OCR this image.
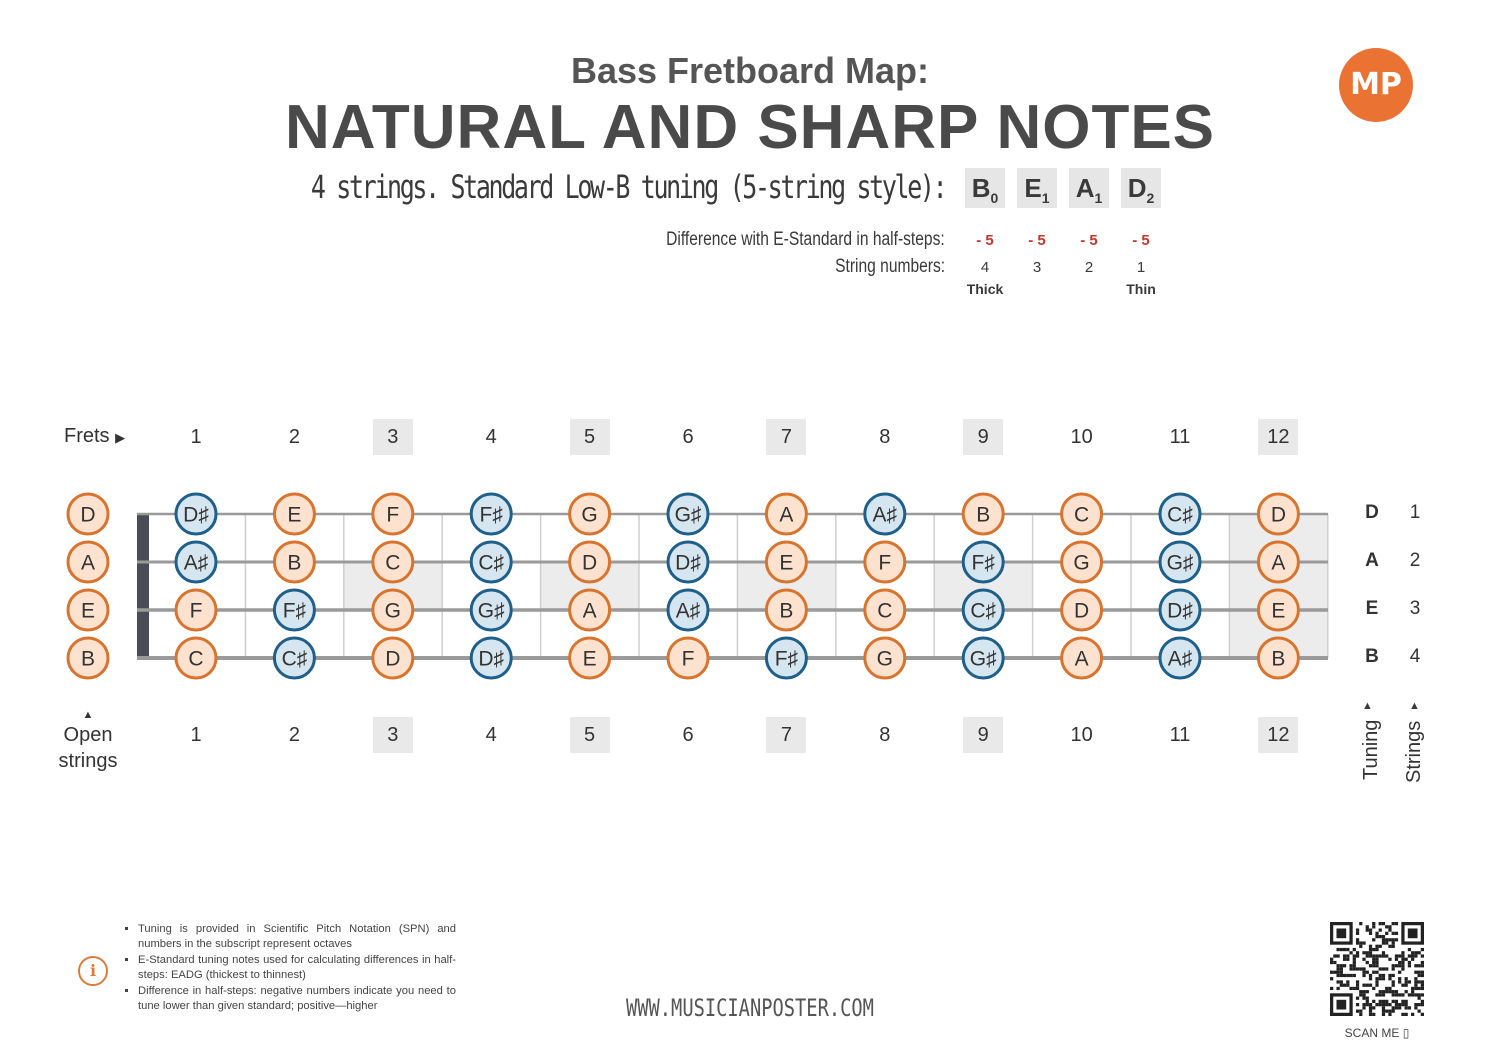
Bass Fretboard Map:
NATURAL AND SHARP NOTES
MP
4 strings. Standard Low-B tuning (5-string style): $B_0$ $E_1$ $A_1$ $D_2$
Difference with E-Standard in half-steps:
String numbers:
- 5	- 5	- 5	- 5
4	3	2	1
Thick	Thin
Frets ▶	1	2	3	4	5	6	7	8	9	10	11	12
1	2	3	4	5	6	7	8	9	10	11	12
D	D♯	E	F	F♯	G	G♯	A	A♯	B	C	C♯	D
A	A♯	B	C	C♯	D	D♯	E	F	F♯	G	G♯	A
E	F	F♯	G	G♯	A	A♯	B	C	C♯	D	D♯	E
B	C	C♯	D	D♯	E	F	F♯	G	G♯	A	A♯	B
D	1
A	2
E	3
B	4
▲
Open
strings
▲
Tuning
▲
Strings
i
▪ Tuning is provided in Scientific Pitch Notation (SPN) and numbers in the subscript represent octaves
▪ E-Standard tuning notes used for calculating differences in half-steps: EADG (thickest to thinnest)
▪ Difference in half-steps: negative numbers indicate you need to tune lower than given standard; positive—higher	WWW.MUSICIANPOSTER.COM
SCAN ME ▯
